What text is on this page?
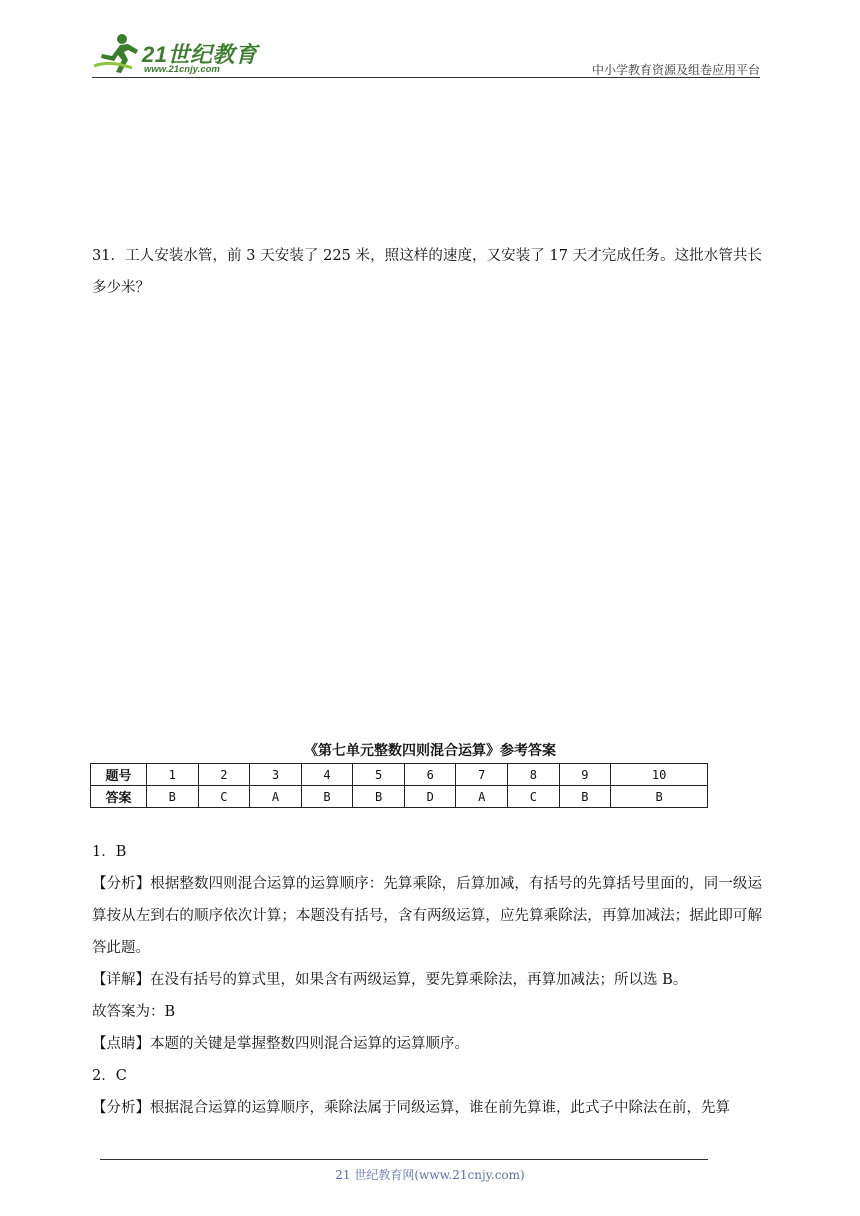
21世纪教育
www.21cnjy.com	中小学教育资源及组卷应用平台
31．工人安装水管，前 3 天安装了 225 米，照这样的速度，又安装了 17 天才完成任务。这批水管共长多少米？
《第七单元整数四则混合运算》参考答案
题号	1	2	3	4	5	6	7	8	9	10
答案	B	C	A	B	B	D	A	C	B	B

1．B

【分析】根据整数四则混合运算的运算顺序：先算乘除，后算加减，有括号的先算括号里面的，同一级运算按从左到右的顺序依次计算；本题没有括号，含有两级运算，应先算乘除法，再算加减法；据此即可解答此题。

【详解】在没有括号的算式里，如果含有两级运算，要先算乘除法，再算加减法；所以选 B。

故答案为：B

【点睛】本题的关键是掌握整数四则混合运算的运算顺序。

2．C

【分析】根据混合运算的运算顺序，乘除法属于同级运算，谁在前先算谁，此式子中除法在前，先算

21 世纪教育网(www.21cnjy.com)
